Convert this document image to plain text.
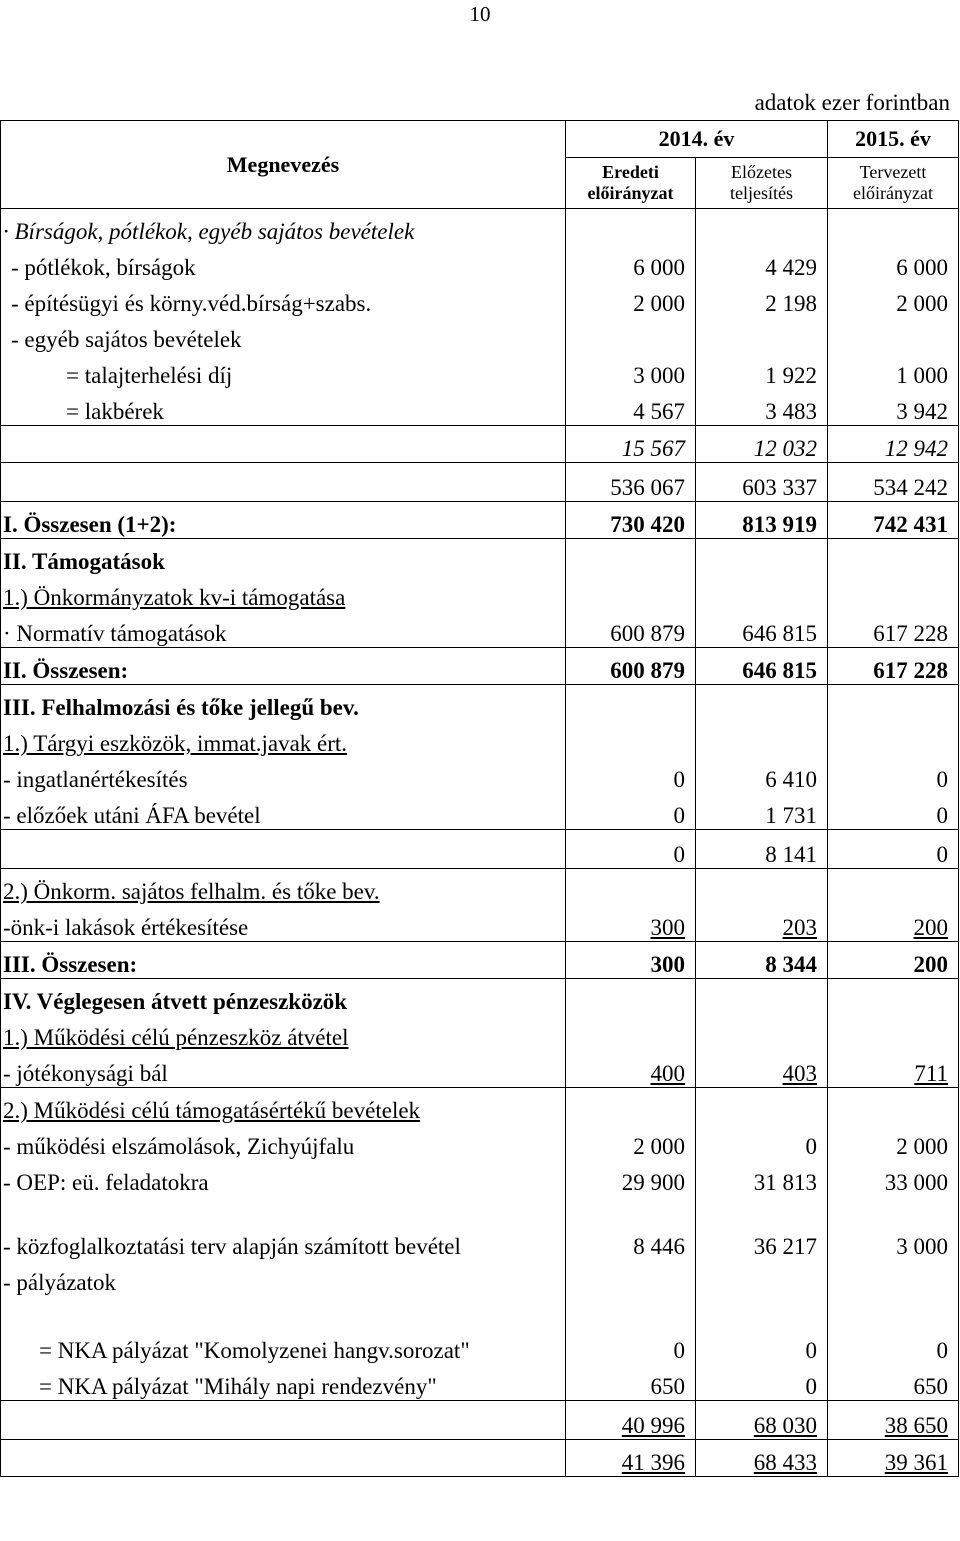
10
adatok ezer forintban
Megnevezés	2014. év		2015. év
	Eredeti előirányzat	Előzetes teljesítés	Tervezett előirányzat
· Bírságok, pótlékok, egyéb sajátos bevételek			
- pótlékok, bírságok	6 000	4 429	6 000
- építésügyi és körny.véd.bírság+szabs.	2 000	2 198	2 000
- egyéb sajátos bevételek			
= talajterhelési díj	3 000	1 922	1 000
= lakbérek	4 567	3 483	3 942
	15 567	12 032	12 942
	536 067	603 337	534 242
I. Összesen (1+2):	730 420	813 919	742 431
II. Támogatások			
1.) Önkormányzatok kv-i támogatása			
· Normatív támogatások	600 879	646 815	617 228
II. Összesen:	600 879	646 815	617 228
III. Felhalmozási és tőke jellegű bev.			
1.) Tárgyi eszközök, immat.javak ért.			
- ingatlanértékesítés	0	6 410	0
- előzőek utáni ÁFA bevétel	0	1 731	0
	0	8 141	0
2.) Önkorm. sajátos felhalm. és tőke bev.			
-önk-i lakások értékesítése	300	203	200
III. Összesen:	300	8 344	200
IV. Véglegesen átvett pénzeszközök			
1.) Működési célú pénzeszköz átvétel			
- jótékonysági bál	400	403	711
2.) Működési célú támogatásértékű bevételek			
- működési elszámolások, Zichyújfalu	2 000	0	2 000
- OEP: eü. feladatokra	29 900	31 813	33 000
- közfoglalkoztatási terv alapján számított bevétel	8 446	36 217	3 000
- pályázatok			
= NKA pályázat "Komolyzenei hangv.sorozat"	0	0	0
= NKA pályázat "Mihály napi rendezvény"	650	0	650
	40 996	68 030	38 650
	41 396	68 433	39 361
